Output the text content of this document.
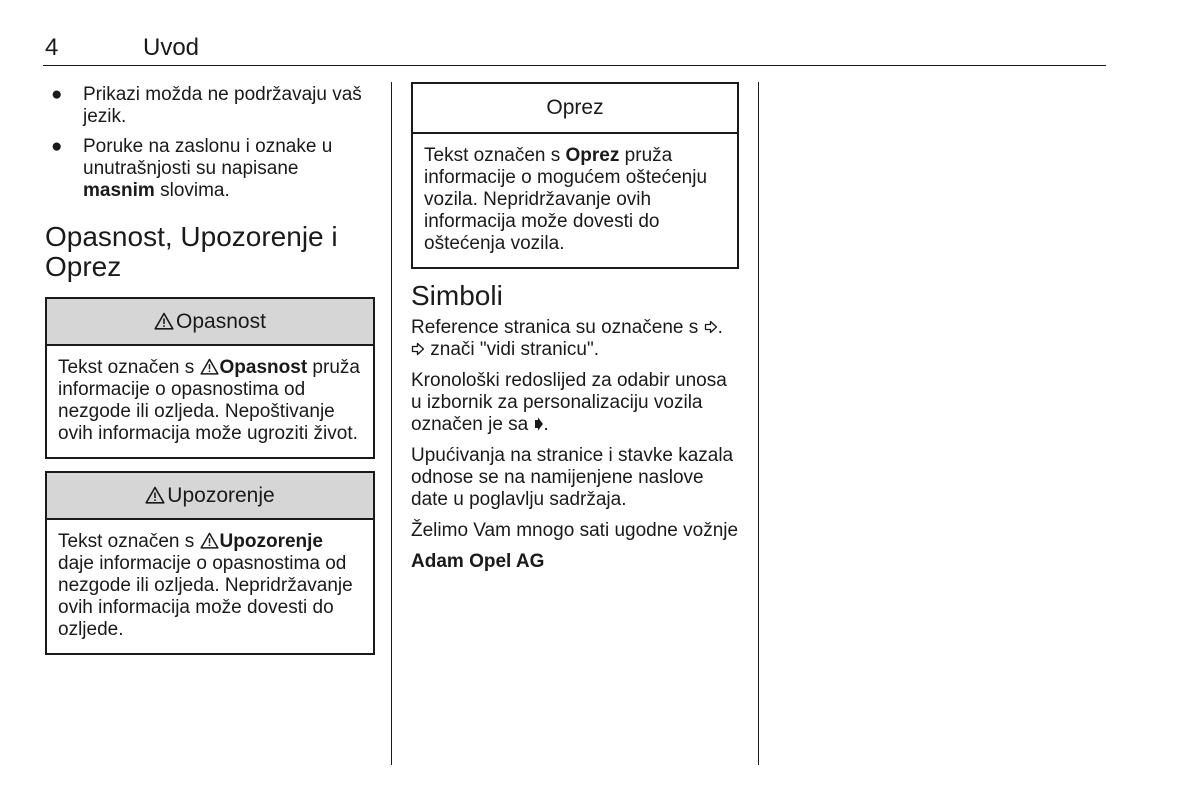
4	Uvod
● Prikazi možda ne podržavaju vaš jezik.
● Poruke na zaslonu i oznake u unutrašnjosti su napisane masnim slovima.
Opasnost, Upozorenje i Oprez
Opasnost
Tekst označen s
Opasnost pruža informacije o opasnostima od nezgode ili ozljeda. Nepoštivanje ovih informacija može ugroziti život.
Upozorenje
Tekst označen s
Upozorenje daje informacije o opasnostima od nezgode ili ozljeda. Nepridržavanje ovih informacija može dovesti do ozljede.
Oprez
Tekst označen s Oprez pruža informacije o mogućem oštećenju vozila. Nepridržavanje ovih informacija može dovesti do oštećenja vozila.
Simboli

Reference stranica su označene s
.

znači "vidi stranicu".

Kronološki redoslijed za odabir unosa u izbornik za personalizaciju vozila označen je sa
.

Upućivanja na stranice i stavke kazala odnose se na namijenjene naslove date u poglavlju sadržaja.

Želimo Vam mnogo sati ugodne vožnje

Adam Opel AG
